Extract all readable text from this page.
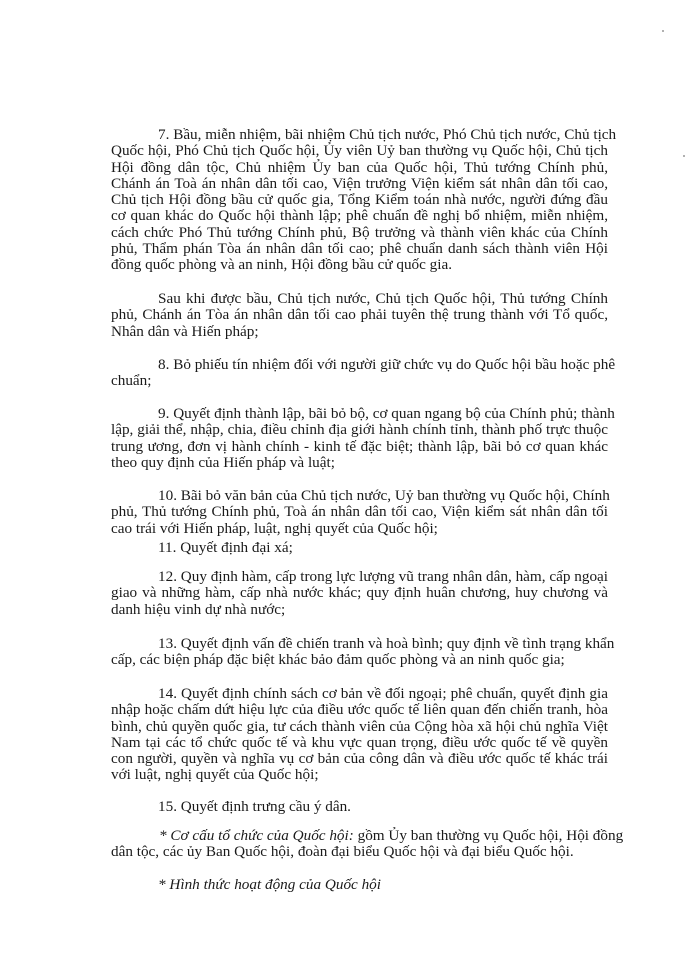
7. Bầu, miễn nhiệm, bãi nhiệm Chủ tịch nước, Phó Chủ tịch nước, Chủ tịch
Quốc hội, Phó Chủ tịch Quốc hội, Ủy viên Uỷ ban thường vụ Quốc hội, Chủ tịch
Hội đồng dân tộc, Chủ nhiệm Ủy ban của Quốc hội, Thủ tướng Chính phủ,
Chánh án Toà án nhân dân tối cao, Viện trưởng Viện kiểm sát nhân dân tối cao,
Chủ tịch Hội đồng bầu cử quốc gia, Tổng Kiểm toán nhà nước, người đứng đầu
cơ quan khác do Quốc hội thành lập; phê chuẩn đề nghị bổ nhiệm, miễn nhiệm,
cách chức Phó Thủ tướng Chính phủ, Bộ trưởng và thành viên khác của Chính
phủ, Thẩm phán Tòa án nhân dân tối cao; phê chuẩn danh sách thành viên Hội
đồng quốc phòng và an ninh, Hội đồng bầu cử quốc gia.
Sau khi được bầu, Chủ tịch nước, Chủ tịch Quốc hội, Thủ tướng Chính
phủ, Chánh án Tòa án nhân dân tối cao phải tuyên thệ trung thành với Tổ quốc,
Nhân dân và Hiến pháp;
8. Bỏ phiếu tín nhiệm đối với người giữ chức vụ do Quốc hội bầu hoặc phê
chuẩn;
9. Quyết định thành lập, bãi bỏ bộ, cơ quan ngang bộ của Chính phủ; thành
lập, giải thể, nhập, chia, điều chỉnh địa giới hành chính tỉnh, thành phố trực thuộc
trung ương, đơn vị hành chính - kinh tế đặc biệt; thành lập, bãi bỏ cơ quan khác
theo quy định của Hiến pháp và luật;
10. Bãi bỏ văn bản của Chủ tịch nước, Uỷ ban thường vụ Quốc hội, Chính
phủ, Thủ tướng Chính phủ, Toà án nhân dân tối cao, Viện kiểm sát nhân dân tối
cao trái với Hiến pháp, luật, nghị quyết của Quốc hội;
11. Quyết định đại xá;
12. Quy định hàm, cấp trong lực lượng vũ trang nhân dân, hàm, cấp ngoại
giao và những hàm, cấp nhà nước khác; quy định huân chương, huy chương và
danh hiệu vinh dự nhà nước;
13. Quyết định vấn đề chiến tranh và hoà bình; quy định về tình trạng khẩn
cấp, các biện pháp đặc biệt khác bảo đảm quốc phòng và an ninh quốc gia;
14. Quyết định chính sách cơ bản về đối ngoại; phê chuẩn, quyết định gia
nhập hoặc chấm dứt hiệu lực của điều ước quốc tế liên quan đến chiến tranh, hòa
bình, chủ quyền quốc gia, tư cách thành viên của Cộng hòa xã hội chủ nghĩa Việt
Nam tại các tổ chức quốc tế và khu vực quan trọng, điều ước quốc tế về quyền
con người, quyền và nghĩa vụ cơ bản của công dân và điều ước quốc tế khác trái
với luật, nghị quyết của Quốc hội;
15. Quyết định trưng cầu ý dân.
* Cơ cấu tổ chức của Quốc hội: gồm Ủy ban thường vụ Quốc hội, Hội đồng
dân tộc, các ủy Ban Quốc hội, đoàn đại biểu Quốc hội và đại biểu Quốc hội.
* Hình thức hoạt động của Quốc hội
